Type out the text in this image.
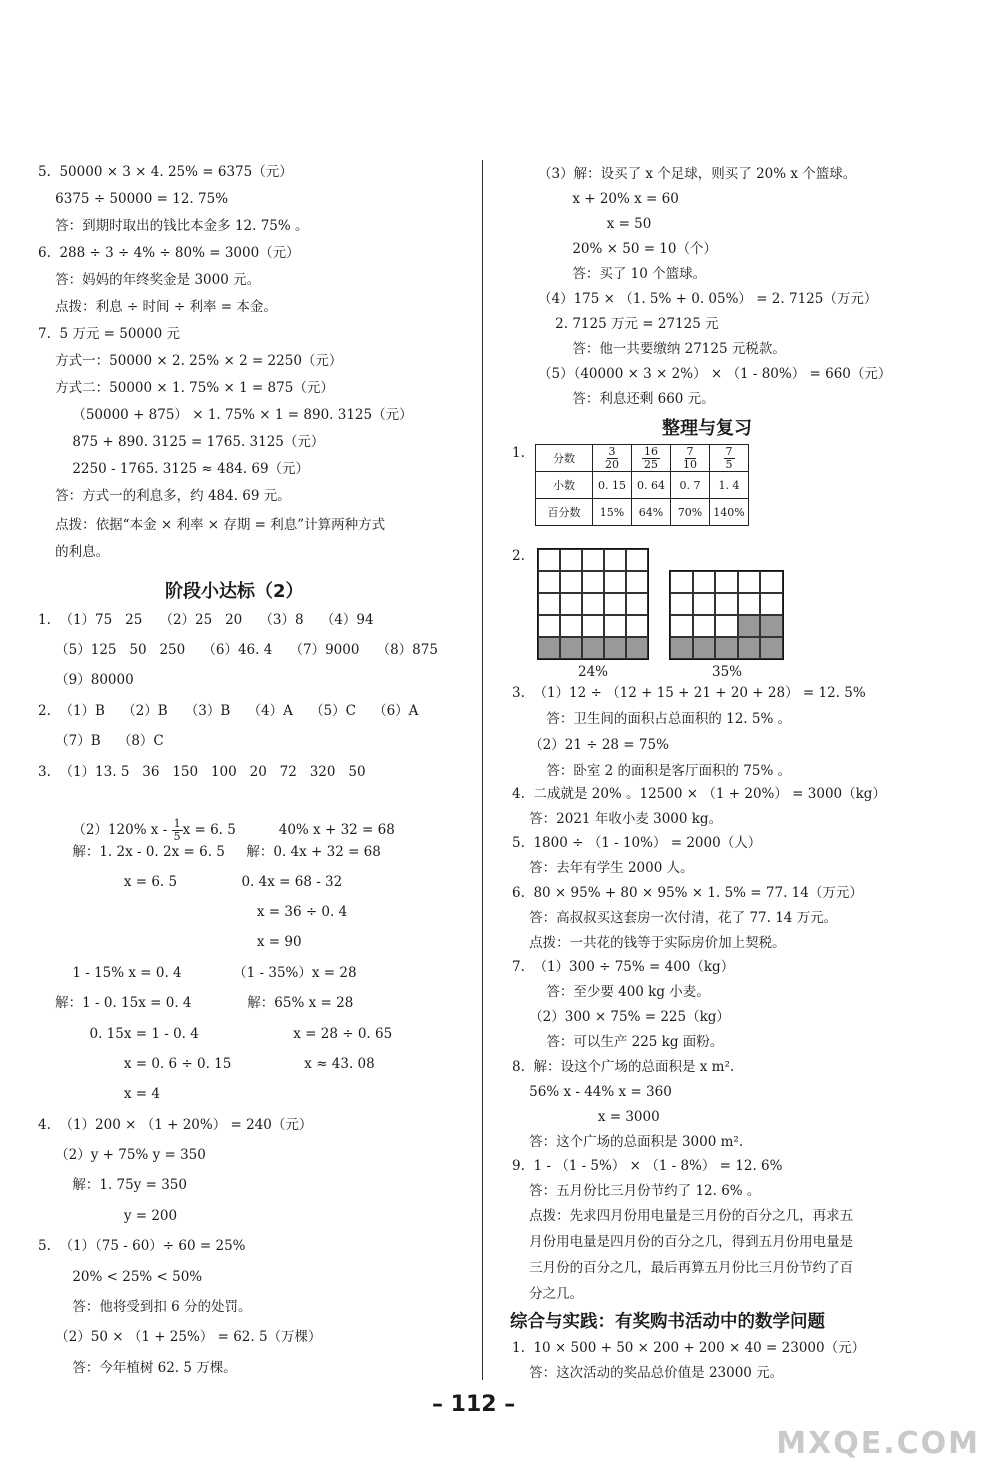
5.  50000 × 3 × 4. 25% = 6375（元）
6375 ÷ 50000 = 12. 75%
答：到期时取出的钱比本金多 12. 75% 。
6.  288 ÷ 3 ÷ 4% ÷ 80% = 3000（元）
答：妈妈的年终奖金是 3000 元。
点拨：利息 ÷ 时间 ÷ 利率 = 本金。
7.  5 万元 = 50000 元
方式一：50000 × 2. 25% × 2 = 2250（元）
方式二：50000 × 1. 75% × 1 = 875（元）
（50000 + 875） × 1. 75% × 1 = 890. 3125（元）
875 + 890. 3125 = 1765. 3125（元）
2250 - 1765. 3125 ≈ 484. 69（元）
答：方式一的利息多，约 484. 69 元。
点拨：依据“本金 × 利率 × 存期 = 利息”计算两种方式
的利息。
阶段小达标（2）
1.  （1）75   25    （2）25   20    （3）8    （4）94
（5）125   50   250    （6）46. 4    （7）9000    （8）875
（9）80000
2.  （1）B    （2）B    （3）B    （4）A    （5）C    （6）A
（7）B    （8）C
3.  （1）13. 5   36   150   100   20   72   320   50

（2）120% x - $\frac{1}{5}$ x = 6. 5          40% x + 32 = 68

解：1. 2x - 0. 2x = 6. 5     解：0. 4x + 32 = 68
x = 6. 5               0. 4x = 68 - 32
x = 36 ÷ 0. 4
x = 90
1 - 15% x = 0. 4            （1 - 35%）x = 28
解：1 - 0. 15x = 0. 4             解：65% x = 28
0. 15x = 1 - 0. 4                      x = 28 ÷ 0. 65
x = 0. 6 ÷ 0. 15                 x ≈ 43. 08
x = 4
4.  （1）200 × （1 + 20%） = 240（元）
（2）y + 75% y = 350
解：1. 75y = 350
y = 200
5.  （1）（75 - 60）÷ 60 = 25%
20% < 25% < 50%
答：他将受到扣 6 分的处罚。
（2）50 × （1 + 25%） = 62. 5（万棵）
答：今年植树 62. 5 万棵。
（3）解：设买了 x 个足球，则买了 20% x 个篮球。
x + 20% x = 60
x = 50
20% × 50 = 10（个）
答：买了 10 个篮球。
（4）175 × （1. 5% + 0. 05%） = 2. 7125（万元）
2. 7125 万元 = 27125 元
答：他一共要缴纳 27125 元税款。
（5）（40000 × 3 × 2%） × （1 - 80%） = 660（元）
答：利息还剩 660 元。
整理与复习
1.	分数	$\frac{3}{20}$	$\frac{16}{25}$	$\frac{7}{10}$	$\frac{7}{5}$

小数	0. 15	0. 64	0. 7	1. 4
百分数	15%	64%	70%	140%
2.
24%	35%
3.  （1）12 ÷ （12 + 15 + 21 + 20 + 28） = 12. 5%
答：卫生间的面积占总面积的 12. 5% 。
（2）21 ÷ 28 = 75%
答：卧室 2 的面积是客厅面积的 75% 。
4.  二成就是 20% 。12500 × （1 + 20%） = 3000（kg）
答：2021 年收小麦 3000 kg。
5.  1800 ÷ （1 - 10%） = 2000（人）
答：去年有学生 2000 人。
6.  80 × 95% + 80 × 95% × 1. 5% = 77. 14（万元）
答：高叔叔买这套房一次付清，花了 77. 14 万元。
点拨：一共花的钱等于实际房价加上契税。
7.  （1）300 ÷ 75% = 400（kg）
答：至少要 400 kg 小麦。
（2）300 × 75% = 225（kg）
答：可以生产 225 kg 面粉。
8.  解：设这个广场的总面积是 x m².
56% x - 44% x = 360
x = 3000
答：这个广场的总面积是 3000 m².
9.  1 - （1 - 5%） × （1 - 8%） = 12. 6%
答：五月份比三月份节约了 12. 6% 。
点拨：先求四月份用电量是三月份的百分之几，再求五
月份用电量是四月份的百分之几，得到五月份用电量是
三月份的百分之几，最后再算五月份比三月份节约了百
分之几。
综合与实践：有奖购书活动中的数学问题
1.  10 × 500 + 50 × 200 + 200 × 40 = 23000（元）
答：这次活动的奖品总价值是 23000 元。
– 112 –
MXQE.COM
